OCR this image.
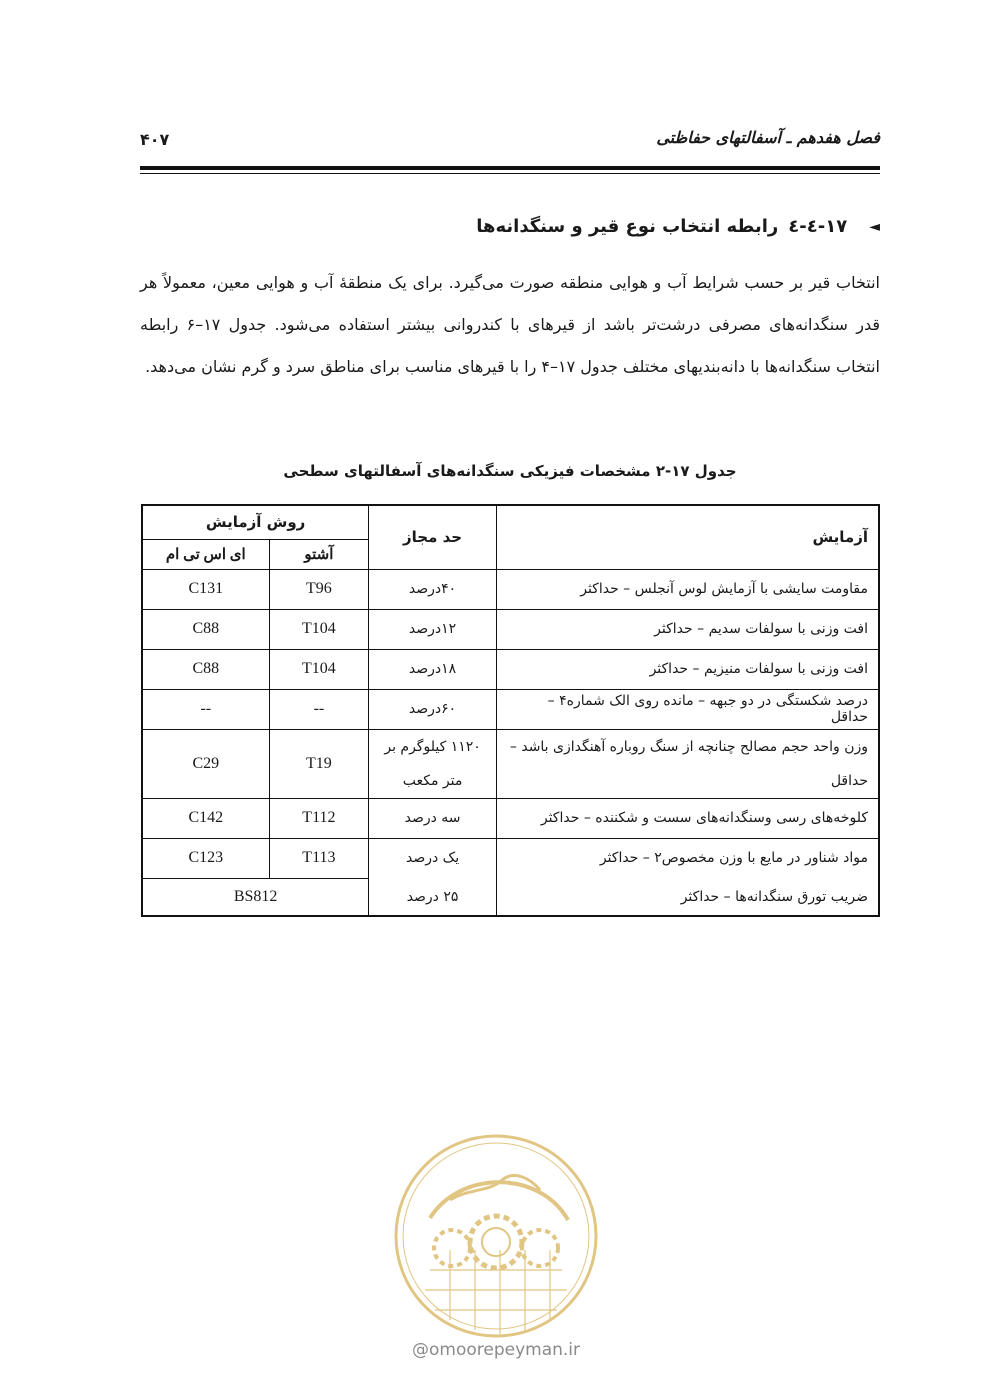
فصل هفدهم ـ آسفالتهای حفاظتی
۴۰۷
◄
۱۷-٤-٤
رابطه انتخاب نوع قیر و سنگدانه‌ها
انتخاب قیر بر حسب شرایط آب و هوایی منطقه صورت می‌گیرد. برای یک منطقهٔ آب و هوایی معین، معمولاً هر قدر سنگدانه‌های مصرفی درشت‌تر باشد از قیرهای با کندروانی بیشتر استفاده می‌شود. جدول ۱۷–۶ رابطه انتخاب سنگدانه‌ها با دانه‌بندیهای مختلف جدول ۱۷–۴ را با قیرهای مناسب برای مناطق سرد و گرم نشان می‌دهد.
جدول ۱۷-۲ مشخصات فیزیکی سنگدانه‌های آسفالتهای سطحی
آزمایش	حد مجاز	روش آزمایش	
		آشتو	ای اس تی ام
مقاومت سایشی با آزمایش لوس آنجلس – حداکثر	۴۰درصد	T96	C131
افت وزنی با سولفات سدیم – حداکثر	۱۲درصد	T104	C88
افت وزنی با سولفات منیزیم – حداکثر	۱۸درصد	T104	C88
درصد شکستگی در دو جبهه – مانده روی الک شماره۴ – حداقل	۶۰درصد	--	--
وزن واحد حجم مصالح چنانچه از سنگ روباره آهنگدازی باشد – حداقل	۱۱۲۰ کیلوگرم بر متر مکعب	T19	C29
کلوخه‌های رسی وسنگدانه‌های سست و شکننده – حداکثر	سه درصد	T112	C142
مواد شناور در مایع با وزن مخصوص۲ – حداکثر	یک درصد	T113	C123
ضریب تورق سنگدانه‌ها – حداکثر	۲۵ درصد	BS812	
@omoorepeyman.ir
